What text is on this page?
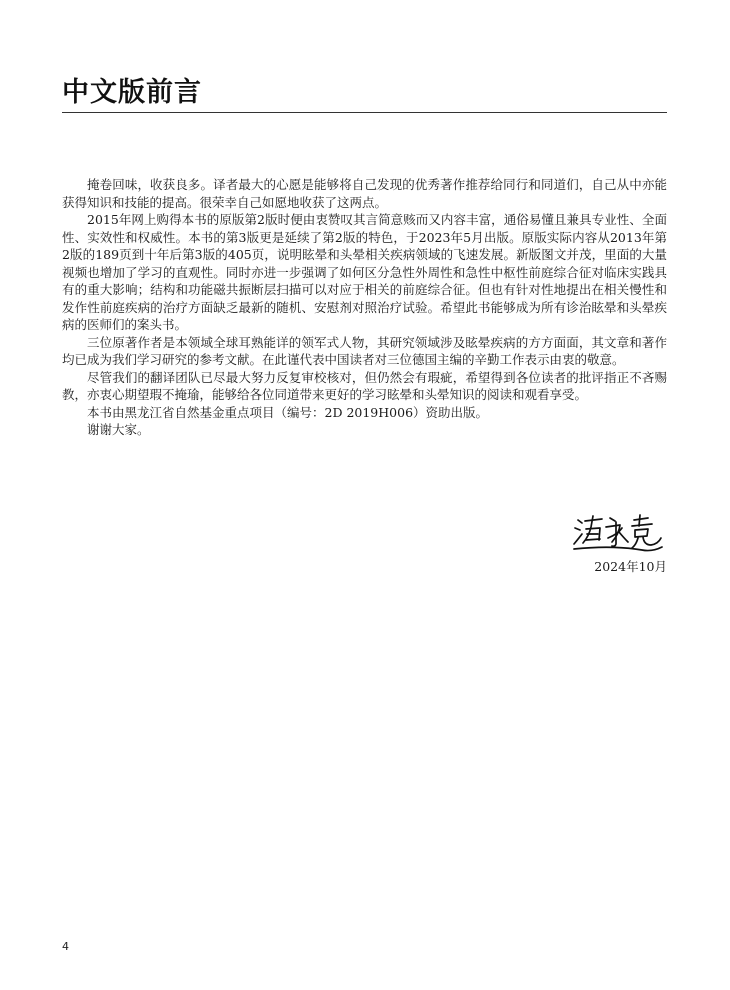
中文版前言

掩卷回味，收获良多。译者最大的心愿是能够将自己发现的优秀著作推荐给同行和同道们，自己从中亦能获得知识和技能的提高。很荣幸自己如愿地收获了这两点。

2015年网上购得本书的原版第2版时便由衷赞叹其言简意赅而又内容丰富，通俗易懂且兼具专业性、全面性、实效性和权威性。本书的第3版更是延续了第2版的特色，于2023年5月出版。原版实际内容从2013年第2版的189页到十年后第3版的405页，说明眩晕和头晕相关疾病领域的飞速发展。新版图文并茂，里面的大量视频也增加了学习的直观性。同时亦进一步强调了如何区分急性外周性和急性中枢性前庭综合征对临床实践具有的重大影响；结构和功能磁共振断层扫描可以对应于相关的前庭综合征。但也有针对性地提出在相关慢性和发作性前庭疾病的治疗方面缺乏最新的随机、安慰剂对照治疗试验。希望此书能够成为所有诊治眩晕和头晕疾病的医师们的案头书。

三位原著作者是本领域全球耳熟能详的领军式人物，其研究领域涉及眩晕疾病的方方面面，其文章和著作均已成为我们学习研究的参考文献。在此谨代表中国读者对三位德国主编的辛勤工作表示由衷的敬意。

尽管我们的翻译团队已尽最大努力反复审校核对，但仍然会有瑕疵，希望得到各位读者的批评指正不吝赐教，亦衷心期望瑕不掩瑜，能够给各位同道带来更好的学习眩晕和头晕知识的阅读和观看享受。

本书由黑龙江省自然基金重点项目（编号：2D 2019H006）资助出版。

谢谢大家。

2024年10月

4
